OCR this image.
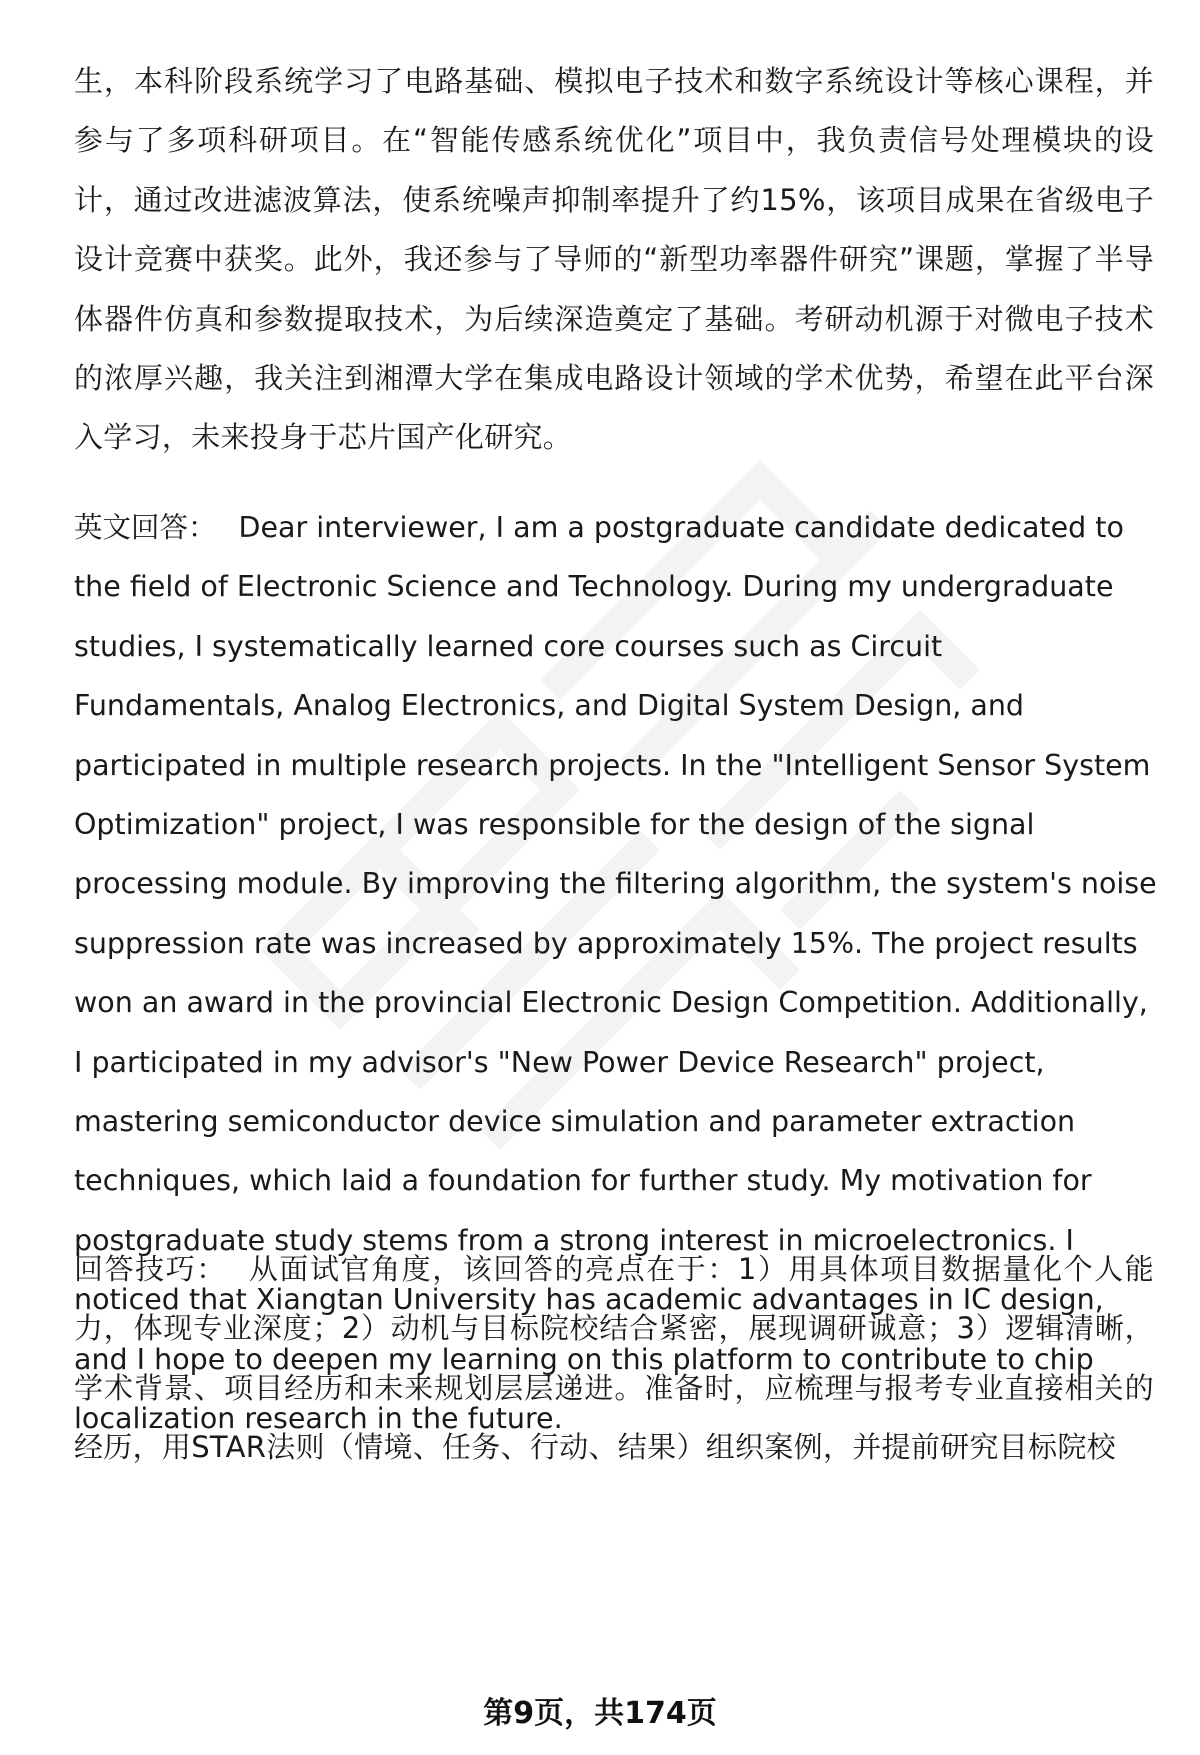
生，本科阶段系统学习了电路基础、模拟电子技术和数字系统设计等核心课程，并参与了多项科研项目。在“智能传感系统优化”项目中，我负责信号处理模块的设计，通过改进滤波算法，使系统噪声抑制率提升了约15%，该项目成果在省级电子设计竞赛中获奖。此外，我还参与了导师的“新型功率器件研究”课题，掌握了半导体器件仿真和参数提取技术，为后续深造奠定了基础。考研动机源于对微电子技术的浓厚兴趣，我关注到湘潭大学在集成电路设计领域的学术优势，希望在此平台深入学习，未来投身于芯片国产化研究。

英文回答： Dear interviewer, I am a postgraduate candidate dedicated to the field of Electronic Science and Technology. During my undergraduate studies, I systematically learned core courses such as Circuit Fundamentals, Analog Electronics, and Digital System Design, and participated in multiple research projects. In the "Intelligent Sensor System Optimization" project, I was responsible for the design of the signal processing module. By improving the filtering algorithm, the system's noise suppression rate was increased by approximately 15%. The project results won an award in the provincial Electronic Design Competition. Additionally, I participated in my advisor's "New Power Device Research" project, mastering semiconductor device simulation and parameter extraction techniques, which laid a foundation for further study. My motivation for postgraduate study stems from a strong interest in microelectronics. I noticed that Xiangtan University has academic advantages in IC design, and I hope to deepen my learning on this platform to contribute to chip localization research in the future.

回答技巧： 从面试官角度，该回答的亮点在于：1）用具体项目数据量化个人能力，体现专业深度；2）动机与目标院校结合紧密，展现调研诚意；3）逻辑清晰，学术背景、项目经历和未来规划层层递进。准备时，应梳理与报考专业直接相关的经历，用STAR法则（情境、任务、行动、结果）组织案例，并提前研究目标院校

第9页，共174页
